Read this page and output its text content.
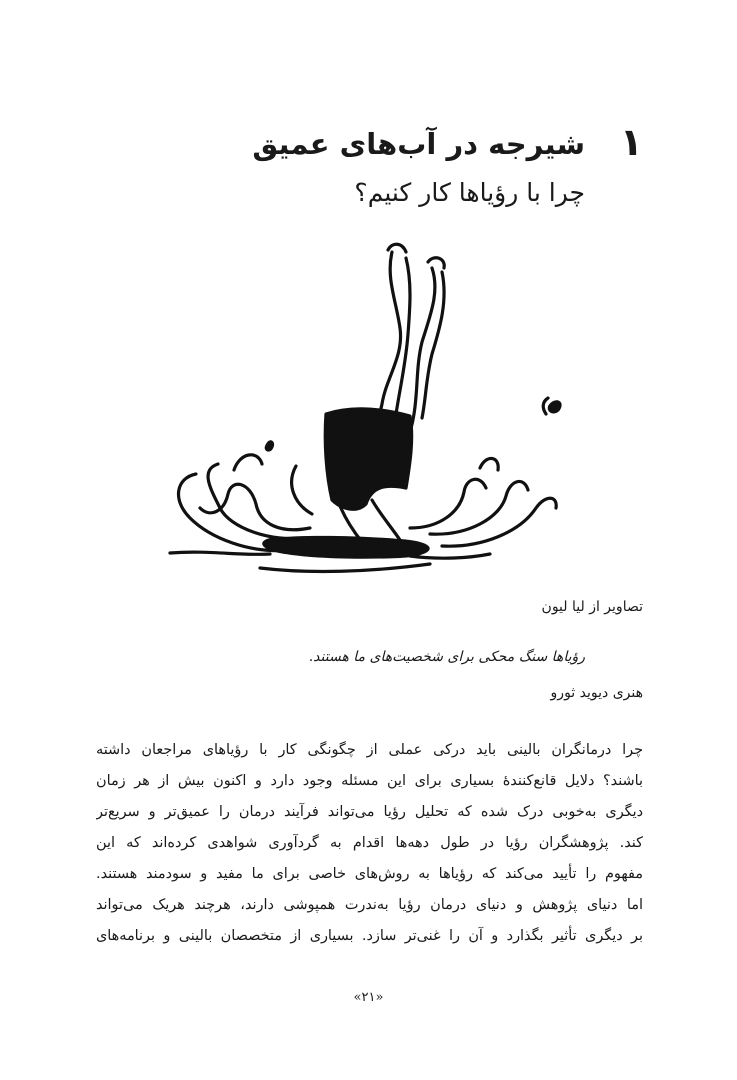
۱
شیرجه در آب‌های عمیق
چرا با رؤیاها کار کنیم؟
تصاویر از لیا لیون
رؤیاها سنگ محکی برای شخصیت‌های ما هستند.
هنری دیوید ثورو
چرا درمانگران بالینی باید درکی عملی از چگونگی کار با رؤیاهای مراجعان داشته
باشند؟ دلایل قانع‌کنندهٔ بسیاری برای این مسئله وجود دارد و اکنون بیش از هر زمان
دیگری به‌خوبی درک شده که تحلیل رؤیا می‌تواند فرآیند درمان را عمیق‌تر و سریع‌تر
کند. پژوهشگران رؤیا در طول دهه‌ها اقدام به گردآوری شواهدی کرده‌اند که این
مفهوم را تأیید می‌کند که رؤیاها به روش‌های خاصی برای ما مفید و سودمند هستند.
اما دنیای پژوهش و دنیای درمان رؤیا به‌ندرت همپوشی دارند، هرچند هریک می‌تواند
بر دیگری تأثیر بگذارد و آن را غنی‌تر سازد. بسیاری از متخصصان بالینی و برنامه‌های
«۲۱»
